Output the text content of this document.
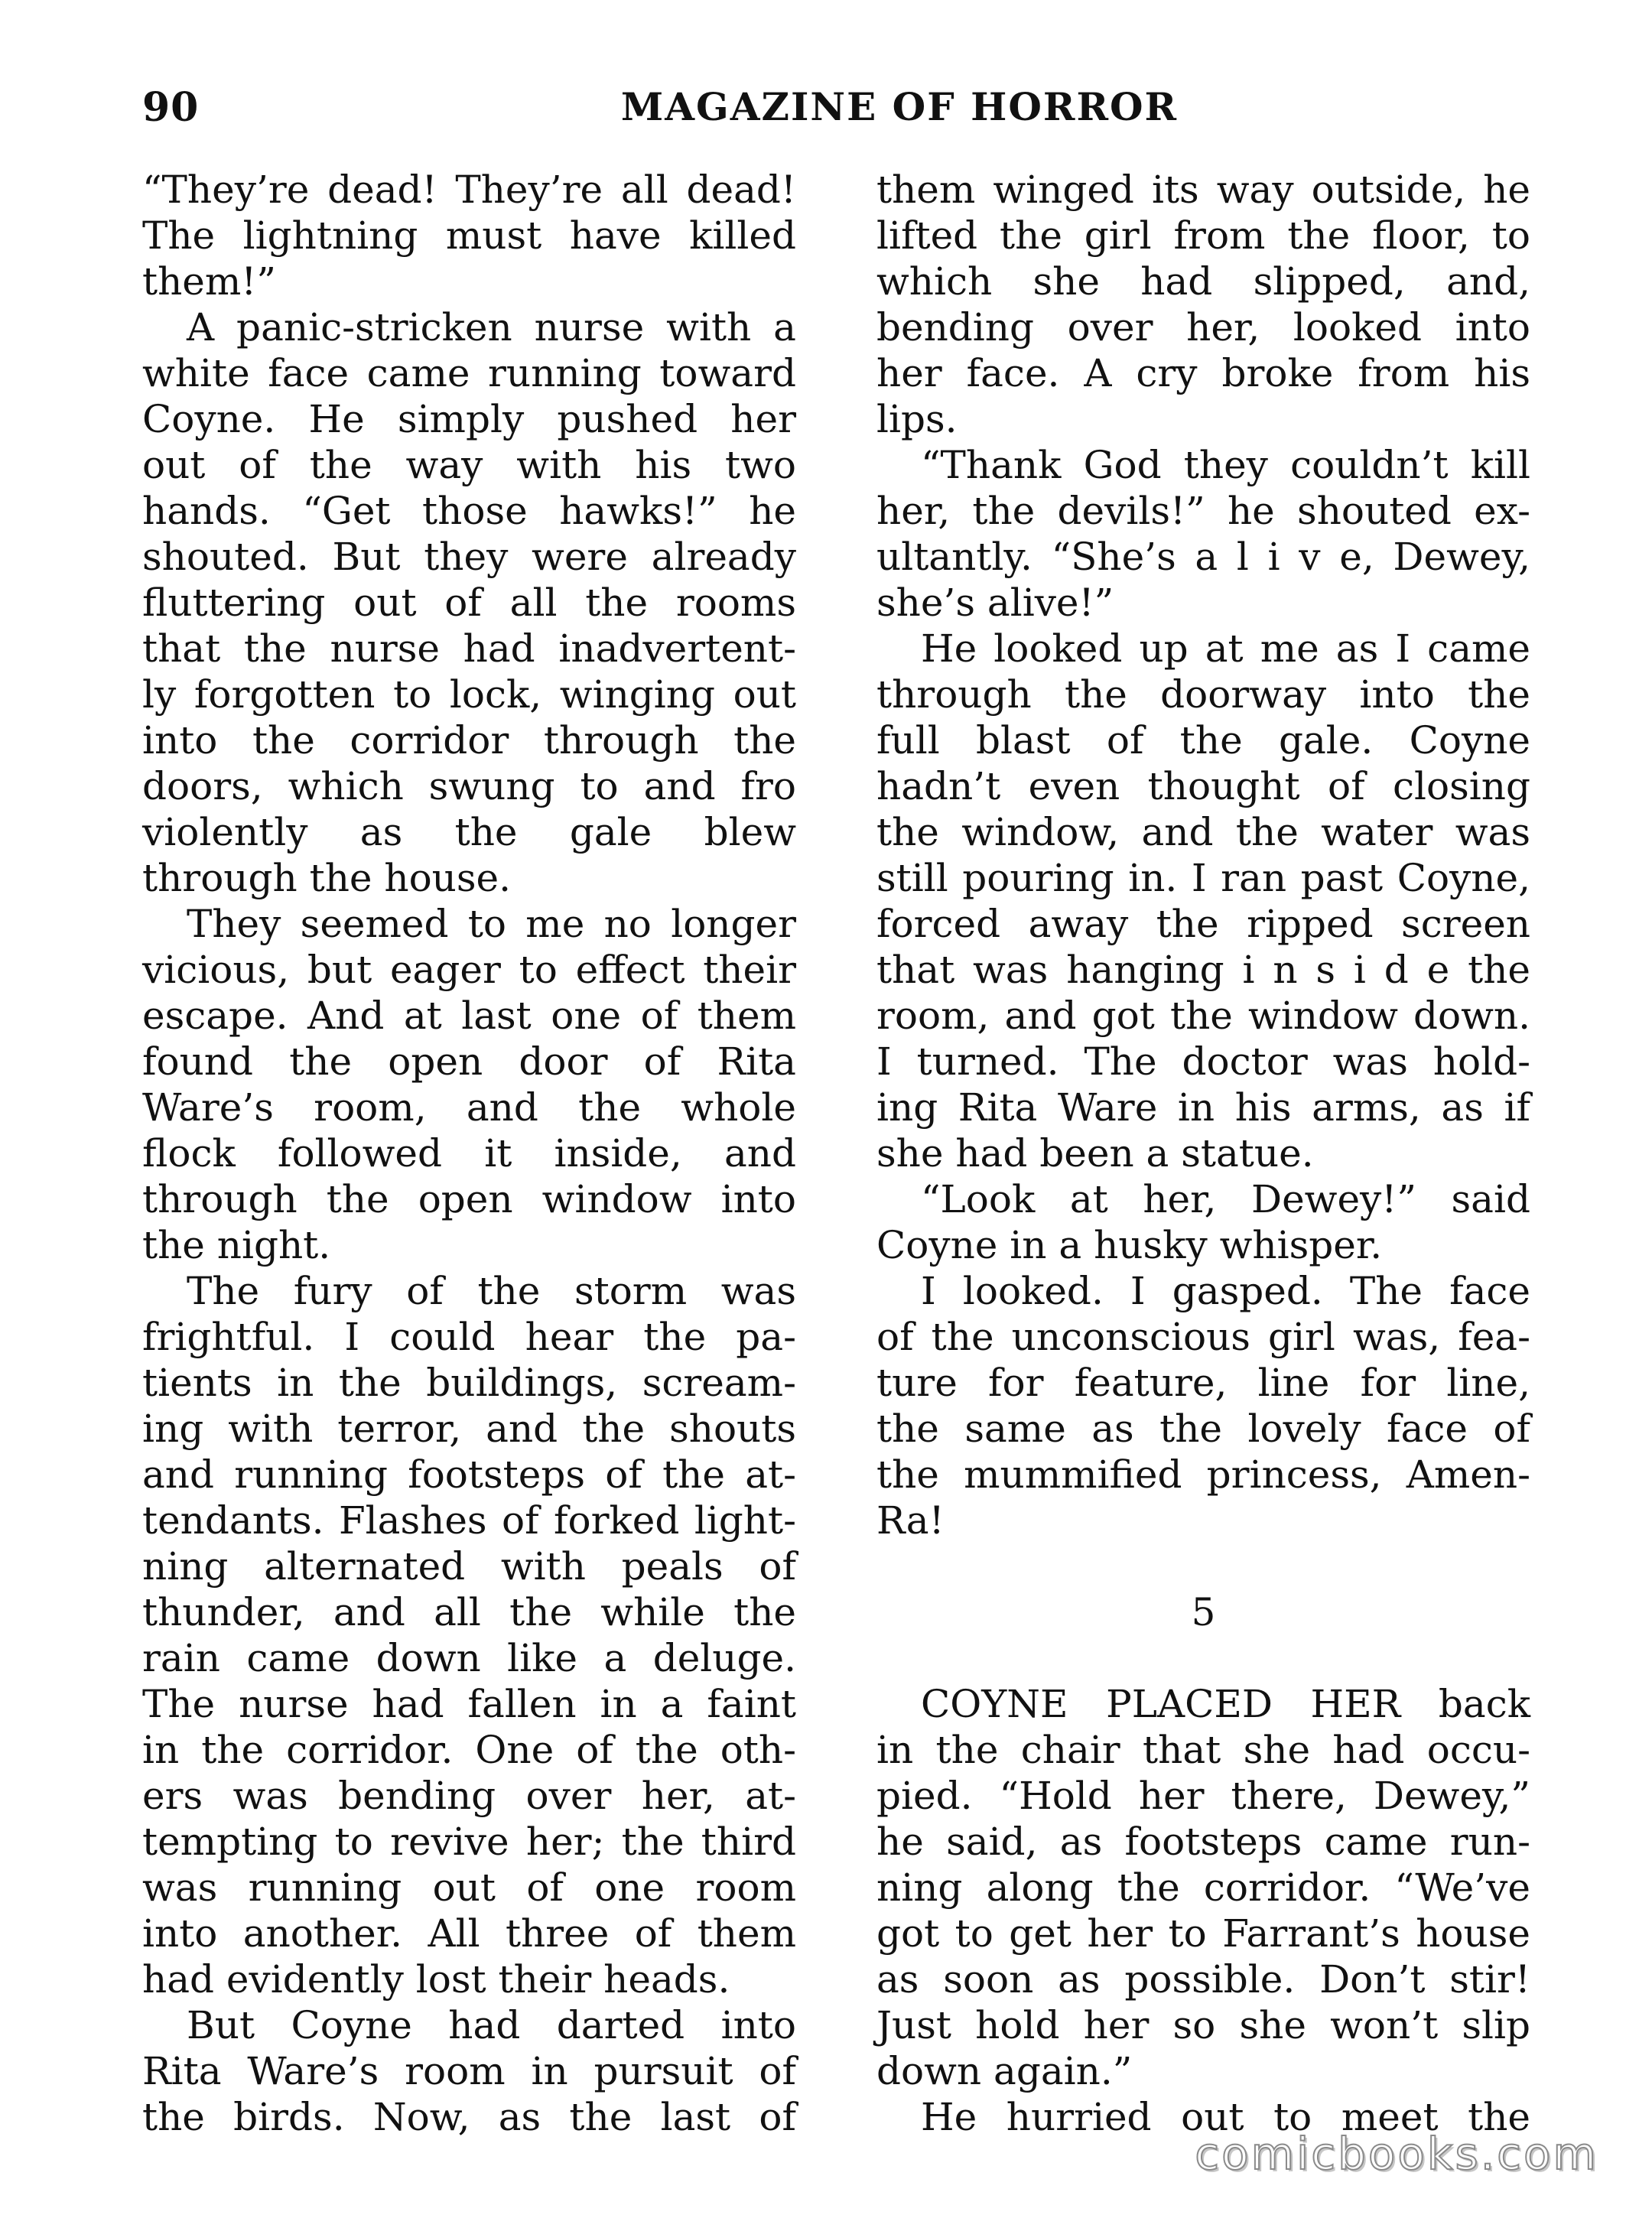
90	MAGAZINE OF HORROR
“They’re dead! They’re all dead!
The lightning must have killed
them!”
A panic-stricken nurse with a
white face came running toward
Coyne. He simply pushed her
out of the way with his two
hands. “Get those hawks!” he
shouted. But they were already
fluttering out of all the rooms
that the nurse had inadvertent-
ly forgotten to lock, winging out
into the corridor through the
doors, which swung to and fro
violently as the gale blew
through the house.
They seemed to me no longer
vicious, but eager to effect their
escape. And at last one of them
found the open door of Rita
Ware’s room, and the whole
flock followed it inside, and
through the open window into
the night.
The fury of the storm was
frightful. I could hear the pa-
tients in the buildings, scream-
ing with terror, and the shouts
and running footsteps of the at-
tendants. Flashes of forked light-
ning alternated with peals of
thunder, and all the while the
rain came down like a deluge.
The nurse had fallen in a faint
in the corridor. One of the oth-
ers was bending over her, at-
tempting to revive her; the third
was running out of one room
into another. All three of them
had evidently lost their heads.
But Coyne had darted into
Rita Ware’s room in pursuit of
the birds. Now, as the last of
them winged its way outside, he
lifted the girl from the floor, to
which she had slipped, and,
bending over her, looked into
her face. A cry broke from his
lips.
“Thank God they couldn’t kill
her, the devils!” he shouted ex-
ultantly. “She’s a l i v e, Dewey,
she’s alive!”
He looked up at me as I came
through the doorway into the
full blast of the gale. Coyne
hadn’t even thought of closing
the window, and the water was
still pouring in. I ran past Coyne,
forced away the ripped screen
that was hanging i n s i d e the
room, and got the window down.
I turned. The doctor was hold-
ing Rita Ware in his arms, as if
she had been a statue.
“Look at her, Dewey!” said
Coyne in a husky whisper.
I looked. I gasped. The face
of the unconscious girl was, fea-
ture for feature, line for line,
the same as the lovely face of
the mummified princess, Amen-
Ra!
5
COYNE PLACED HER back
in the chair that she had occu-
pied. “Hold her there, Dewey,”
he said, as footsteps came run-
ning along the corridor. “We’ve
got to get her to Farrant’s house
as soon as possible. Don’t stir!
Just hold her so she won’t slip
down again.”
He hurried out to meet the
comicbooks.com
